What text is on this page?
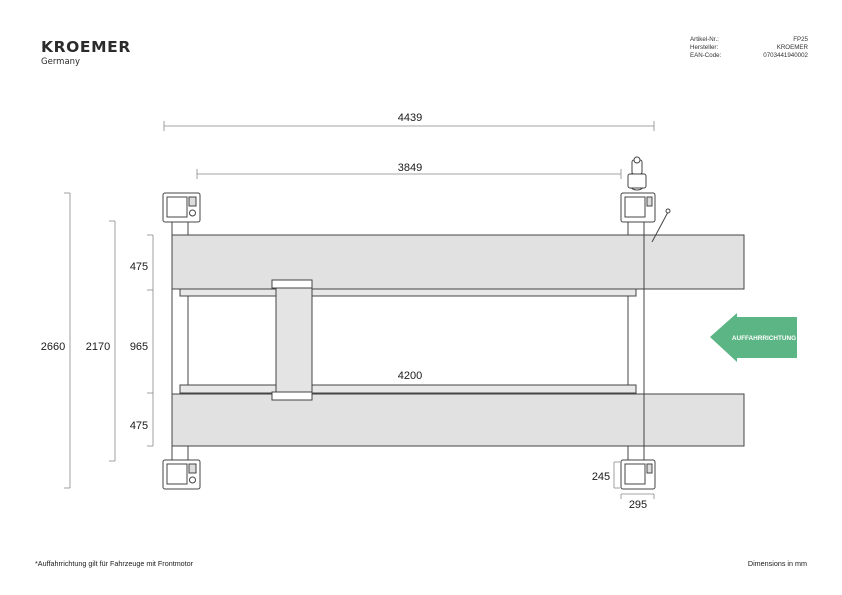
KROEMER
Germany
Artikel-Nr.:	FP25
Hersteller:	KROEMER
EAN-Code:	0703441940002
AUFFAHRRICHTUNG
4439
3849
4200
2660 2170
475
965
475
245
295
*Auffahrrichtung gilt für Fahrzeuge mit Frontmotor	Dimensions in mm
